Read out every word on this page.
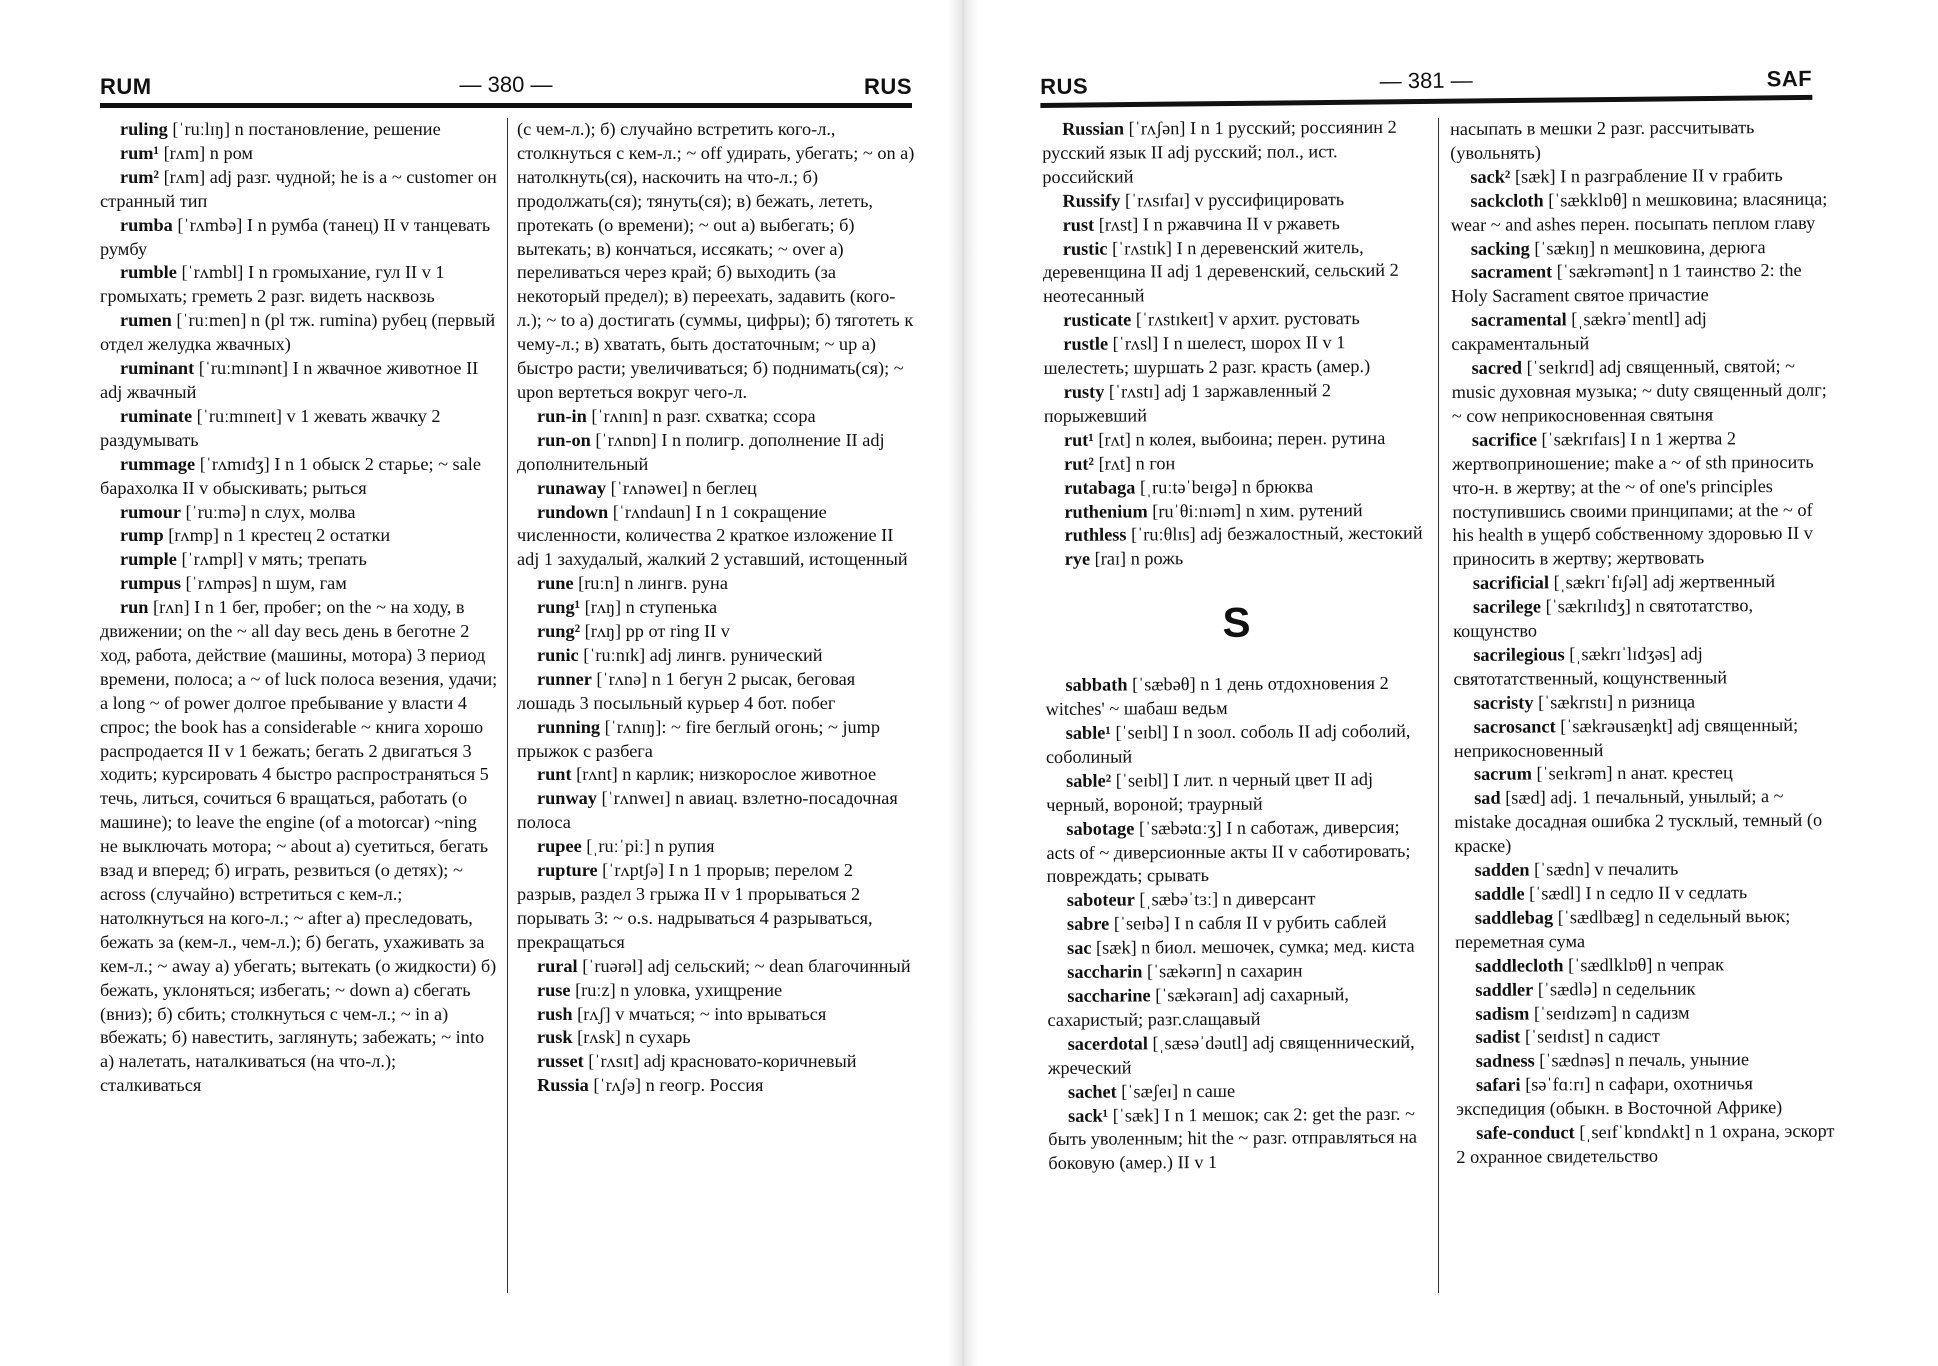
RUM	— 380 —	RUS

ruling [ˈruːlɪŋ] n постановление, решение

rum¹ [rʌm] n ром

rum² [rʌm] adj разг. чудной; he is a ~ customer он странный тип

rumba [ˈrʌmbə] I n румба (танец) II v танцевать румбу

rumble [ˈrʌmbl] I n громыхание, гул II v 1 громыхать; греметь 2 разг. видеть насквозь

rumen [ˈruːmen] n (pl тж. rumina) рубец (первый отдел желудка жвачных)

ruminant [ˈruːmɪnənt] I n жвачное животное II adj жвачный

ruminate [ˈruːmɪneɪt] v 1 жевать жвачку 2 раздумывать

rummage [ˈrʌmɪdʒ] I n 1 обыск 2 старье; ~ sale барахолка II v обыскивать; рыться

rumour [ˈruːmə] n слух, молва

rump [rʌmp] n 1 крестец 2 остатки

rumple [ˈrʌmpl] v мять; трепать

rumpus [ˈrʌmpəs] n шум, гам

run [rʌn] I n 1 бег, пробег; on the ~ на ходу, в движении; on the ~ all day весь день в беготне 2 ход, работа, действие (машины, мотора) 3 период времени, полоса; a ~ of luck полоса везения, удачи; a long ~ of power долгое пребывание у власти 4 спрос; the book has a considerable ~ книга хорошо распродается II v 1 бежать; бегать 2 двигаться 3 ходить; курсировать 4 быстро распространяться 5 течь, литься, сочиться 6 вращаться, работать (о машине); to leave the engine (of a motorcar) ~ning не выключать мотора; ~ about а) суетиться, бегать взад и вперед; б) играть, резвиться (о детях); ~ across (случайно) встретиться с кем-л.; натолкнуться на кого-л.; ~ after а) преследовать, бежать за (кем-л., чем-л.); б) бегать, ухаживать за кем-л.; ~ away а) убегать; вытекать (о жидкости) б) бежать, уклоняться; избегать; ~ down а) сбегать (вниз); б) сбить; столкнуться с чем-л.; ~ in а) вбежать; б) навестить, заглянуть; забежать; ~ into а) налетать, наталкиваться (на что-л.); сталкиваться

(с чем-л.); б) случайно встретить кого-л., столкнуться с кем-л.; ~ off удирать, убегать; ~ on а) натолкнуть(ся), наскочить на что-л.; б) продолжать(ся); тянуть(ся); в) бежать, лететь, протекать (о времени); ~ out а) выбегать; б) вытекать; в) кончаться, иссякать; ~ over а) переливаться через край; б) выходить (за некоторый предел); в) переехать, задавить (кого-л.); ~ to а) достигать (суммы, цифры); б) тяготеть к чему-л.; в) хватать, быть достаточным; ~ up а) быстро расти; увеличиваться; б) поднимать(ся); ~ upon вертеться вокруг чего-л.

run-in [ˈrʌnɪn] n разг. схватка; ссора

run-on [ˈrʌnɒn] I n полигр. дополнение II adj дополнительный

runaway [ˈrʌnəweɪ] n беглец

rundown [ˈrʌndaun] I n 1 сокращение численности, количества 2 краткое изложение II adj 1 захудалый, жалкий 2 уставший, истощенный

rune [ruːn] n лингв. руна

rung¹ [rʌŋ] n ступенька

rung² [rʌŋ] pp от ring II v

runic [ˈruːnɪk] adj лингв. рунический

runner [ˈrʌnə] n 1 бегун 2 рысак, беговая лошадь 3 посыльный курьер 4 бот. побег

running [ˈrʌnɪŋ]: ~ fire беглый огонь; ~ jump прыжок с разбега

runt [rʌnt] n карлик; низкорослое животное

runway [ˈrʌnweɪ] n авиац. взлетно-посадочная полоса

rupee [ˌruːˈpiː] n рупия

rupture [ˈrʌptʃə] I n 1 прорыв; перелом 2 разрыв, раздел 3 грыжа II v 1 прорываться 2 порывать 3: ~ o.s. надрываться 4 разрываться, прекращаться

rural [ˈruərəl] adj сельский; ~ dean благочинный

ruse [ruːz] n уловка, ухищрение

rush [rʌʃ] v мчаться; ~ into врываться

rusk [rʌsk] n сухарь

russet [ˈrʌsɪt] adj красновато-коричневый

Russia [ˈrʌʃə] n геогр. Россия

RUS	— 381 —	SAF

Russian [ˈrʌʃən] I n 1 русский; россиянин 2 русский язык II adj русский; пол., ист. российский

Russify [ˈrʌsɪfaɪ] v руссифицировать

rust [rʌst] I n ржавчина II v ржаветь

rustic [ˈrʌstɪk] I n деревенский житель, деревенщина II adj 1 деревенский, сельский 2 неотесанный

rusticate [ˈrʌstɪkeɪt] v архит. рустовать

rustle [ˈrʌsl] I n шелест, шорох II v 1 шелестеть; шуршать 2 разг. красть (амер.)

rusty [ˈrʌstɪ] adj 1 заржавленный 2 порыжевший

rut¹ [rʌt] n колея, выбоина; перен. рутина

rut² [rʌt] n гон

rutabaga [ˌruːtəˈbeɪgə] n брюква

ruthenium [ruˈθiːnɪəm] n хим. рутений

ruthless [ˈruːθlɪs] adj безжалостный, жестокий

rye [raɪ] n рожь

S

sabbath [ˈsæbəθ] n 1 день отдохновения 2 witches' ~ шабаш ведьм

sable¹ [ˈseɪbl] I n зоол. соболь II adj соболий, соболиный

sable² [ˈseɪbl] I лит. n черный цвет II adj черный, вороной; траурный

sabotage [ˈsæbətɑːʒ] I n саботаж, диверсия; acts of ~ диверсионные акты II v саботировать; повреждать; срывать

saboteur [ˌsæbəˈtɜː] n диверсант

sabre [ˈseɪbə] I n сабля II v рубить саблей

sac [sæk] n биол. мешочек, сумка; мед. киста

saccharin [ˈsækərɪn] n сахарин

saccharine [ˈsækəraɪn] adj сахарный, сахаристый; разг.слащавый

sacerdotal [ˌsæsəˈdəutl] adj священнический, жреческий

sachet [ˈsæʃeɪ] n саше

sack¹ [ˈsæk] I n 1 мешок; сак 2: get the разг. ~ быть уволенным; hit the ~ разг. отправляться на боковую (амер.) II v 1

насыпать в мешки 2 разг. рассчитывать (увольнять)

sack² [sæk] I n разграбление II v грабить

sackcloth [ˈsækklɒθ] n мешковина; власяница; wear ~ and ashes перен. посыпать пеплом главу

sacking [ˈsækɪŋ] n мешковина, дерюга

sacrament [ˈsækrəmənt] n 1 таинство 2: the Holy Sacrament святое причастие

sacramental [ˌsækrəˈmentl] adj сакраментальный

sacred [ˈseɪkrɪd] adj священный, святой; ~ music духовная музыка; ~ duty священный долг; ~ cow неприкосновенная святыня

sacrifice [ˈsækrɪfaɪs] I n 1 жертва 2 жертвоприношение; make a ~ of sth приносить что-н. в жертву; at the ~ of one's principles поступившись своими принципами; at the ~ of his health в ущерб собственному здоровью II v приносить в жертву; жертвовать

sacrificial [ˌsækrɪˈfɪʃəl] adj жертвенный

sacrilege [ˈsækrɪlɪdʒ] n святотатство, кощунство

sacrilegious [ˌsækrɪˈlɪdʒəs] adj святотатственный, кощунственный

sacristy [ˈsækrɪstɪ] n ризница

sacrosanct [ˈsækrəusæŋkt] adj священный; неприкосновенный

sacrum [ˈseɪkrəm] n анат. крестец

sad [sæd] adj. 1 печальный, унылый; a ~ mistake досадная ошибка 2 тусклый, темный (о краске)

sadden [ˈsædn] v печалить

saddle [ˈsædl] I n седло II v седлать

saddlebag [ˈsædlbæg] n седельный вьюк; переметная сума

saddlecloth [ˈsædlklɒθ] n чепрак

saddler [ˈsædlə] n седельник

sadism [ˈseɪdɪzəm] n садизм

sadist [ˈseɪdɪst] n садист

sadness [ˈsædnəs] n печаль, уныние

safari [səˈfɑːrɪ] n сафари, охотничья экспедиция (обыкн. в Восточной Африке)

safe-conduct [ˌseɪfˈkɒndʌkt] n 1 охрана, эскорт 2 охранное свидетельство
